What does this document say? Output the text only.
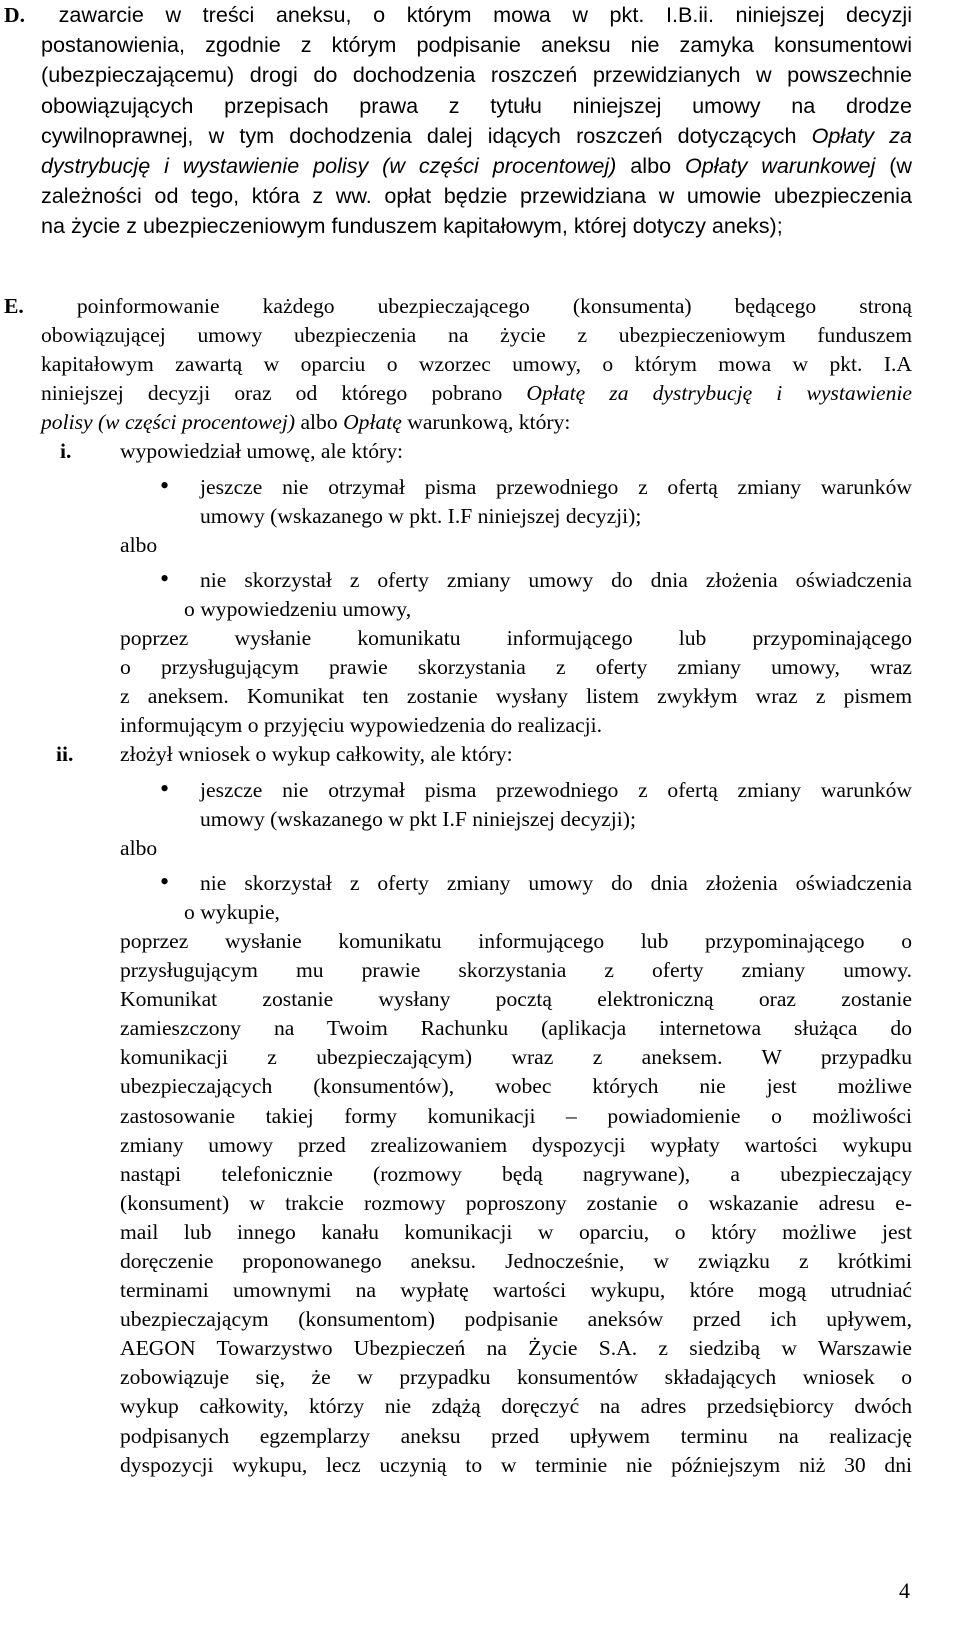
D. zawarcie w treści aneksu, o którym mowa w pkt. I.B.ii. niniejszej decyzji
postanowienia, zgodnie z którym podpisanie aneksu nie zamyka konsumentowi
(ubezpieczającemu) drogi do dochodzenia roszczeń przewidzianych w powszechnie
obowiązujących przepisach prawa z tytułu niniejszej umowy na drodze
cywilnoprawnej, w tym dochodzenia dalej idących roszczeń dotyczących Opłaty za
dystrybucję i wystawienie polisy (w części procentowej) albo Opłaty warunkowej (w
zależności od tego, która z ww. opłat będzie przewidziana w umowie ubezpieczenia
na życie z ubezpieczeniowym funduszem kapitałowym, której dotyczy aneks);
E. poinformowanie każdego ubezpieczającego (konsumenta) będącego stroną
obowiązującej umowy ubezpieczenia na życie z ubezpieczeniowym funduszem
kapitałowym zawartą w oparciu o wzorzec umowy, o którym mowa w pkt. I.A
niniejszej decyzji oraz od którego pobrano Opłatę za dystrybucję i wystawienie
polisy (w części procentowej) albo Opłatę warunkową, który:
i. wypowiedział umowę, ale który:
•	jeszcze nie otrzymał pisma przewodniego z ofertą zmiany warunków
umowy (wskazanego w pkt. I.F niniejszej decyzji);
albo
•	nie skorzystał z oferty zmiany umowy do dnia złożenia oświadczenia
o wypowiedzeniu umowy,
poprzez wysłanie komunikatu informującego lub przypominającego
o przysługującym prawie skorzystania z oferty zmiany umowy, wraz
z aneksem. Komunikat ten zostanie wysłany listem zwykłym wraz z pismem
informującym o przyjęciu wypowiedzenia do realizacji.
ii. złożył wniosek o wykup całkowity, ale który:
•	jeszcze nie otrzymał pisma przewodniego z ofertą zmiany warunków
umowy (wskazanego w pkt I.F niniejszej decyzji);
albo
•	nie skorzystał z oferty zmiany umowy do dnia złożenia oświadczenia
o wykupie,
poprzez wysłanie komunikatu informującego lub przypominającego o
przysługującym mu prawie skorzystania z oferty zmiany umowy.
Komunikat zostanie wysłany pocztą elektroniczną oraz zostanie
zamieszczony na Twoim Rachunku (aplikacja internetowa służąca do
komunikacji z ubezpieczającym) wraz z aneksem. W przypadku
ubezpieczających (konsumentów), wobec których nie jest możliwe
zastosowanie takiej formy komunikacji – powiadomienie o możliwości
zmiany umowy przed zrealizowaniem dyspozycji wypłaty wartości wykupu
nastąpi telefonicznie (rozmowy będą nagrywane), a ubezpieczający
(konsument) w trakcie rozmowy poproszony zostanie o wskazanie adresu e-
mail lub innego kanału komunikacji w oparciu, o który możliwe jest
doręczenie proponowanego aneksu. Jednocześnie, w związku z krótkimi
terminami umownymi na wypłatę wartości wykupu, które mogą utrudniać
ubezpieczającym (konsumentom) podpisanie aneksów przed ich upływem,
AEGON Towarzystwo Ubezpieczeń na Życie S.A. z siedzibą w Warszawie
zobowiązuje się, że w przypadku konsumentów składających wniosek o
wykup całkowity, którzy nie zdążą doręczyć na adres przedsiębiorcy dwóch
podpisanych egzemplarzy aneksu przed upływem terminu na realizację
dyspozycji wykupu, lecz uczynią to w terminie nie późniejszym niż 30 dni
4
